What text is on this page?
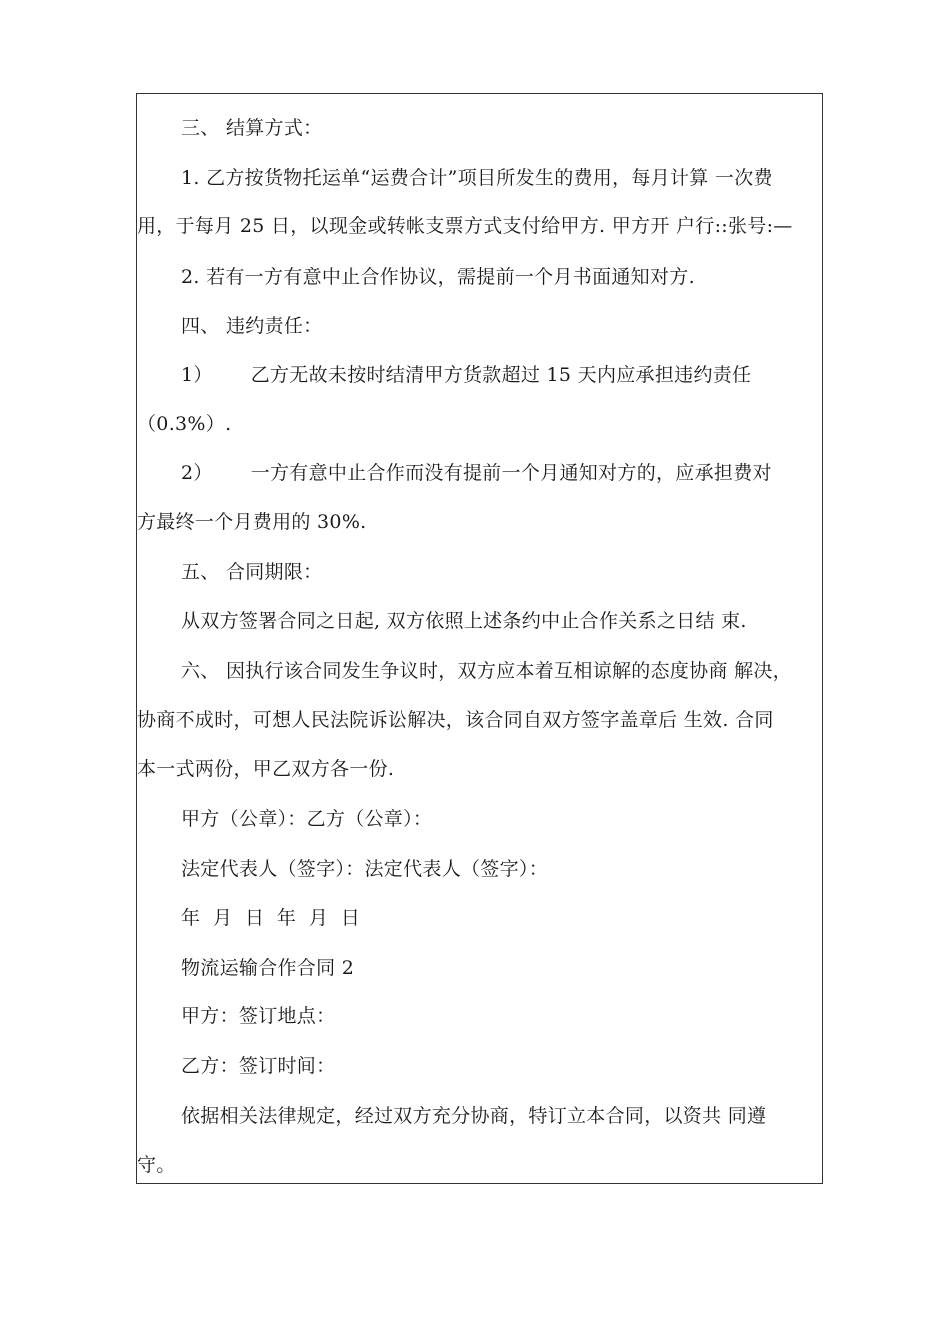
三、 结算方式：
1. 乙方按货物托运单“运费合计”项目所发生的费用，每月计算 一次费
用，于每月 25 日，以现金或转帐支票方式支付给甲方. 甲方开 户行::张号:—
2. 若有一方有意中止合作协议，需提前一个月书面通知对方.
四、 违约责任：
1） 乙方无故未按时结清甲方货款超过 15 天内应承担违约责任
（0.3%）.
2） 一方有意中止合作而没有提前一个月通知对方的，应承担费对
方最终一个月费用的 30%.
五、 合同期限：
从双方签署合同之日起, 双方依照上述条约中止合作关系之日结 束.
六、 因执行该合同发生争议时，双方应本着互相谅解的态度协商 解决，
协商不成时，可想人民法院诉讼解决，该合同自双方签字盖章后 生效. 合同
本一式两份，甲乙双方各一份.
甲方（公章）：乙方（公章）：
法定代表人（签字）：法定代表人（签字）：
年  月  日  年  月  日
物流运输合作合同 2
甲方：签订地点：
乙方：签订时间：
依据相关法律规定，经过双方充分协商，特订立本合同，以资共 同遵
守。
